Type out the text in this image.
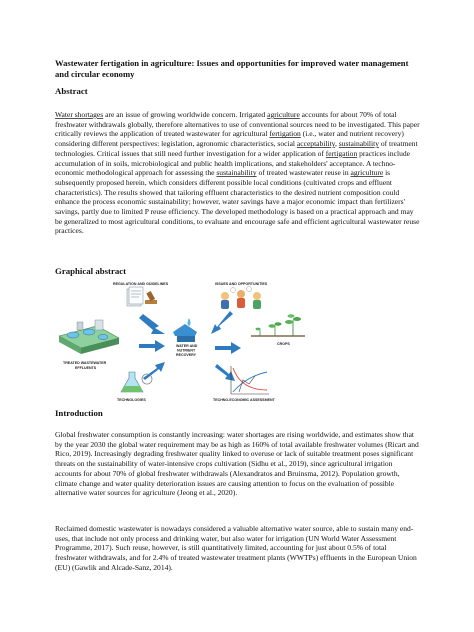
Wastewater fertigation in agriculture: Issues and opportunities for improved water management and circular economy

Abstract

Water shortages are an issue of growing worldwide concern. Irrigated agriculture accounts for about 70% of total freshwater withdrawals globally, therefore alternatives to use of conventional sources need to be investigated. This paper critically reviews the application of treated wastewater for agricultural fertigation (i.e., water and nutrient recovery) considering different perspectives: legislation, agronomic characteristics, social acceptability, sustainability of treatment technologies. Critical issues that still need further investigation for a wider application of fertigation practices include accumulation of in soils, microbiological and public health implications, and stakeholders' acceptance. A techno-economic methodological approach for assessing the sustainability of treated wastewater reuse in agriculture is subsequently proposed herein, which considers different possible local conditions (cultivated crops and effluent characteristics). The results showed that tailoring effluent characteristics to the desired nutrient composition could enhance the process economic sustainability; however, water savings have a major economic impact than fertilizers' savings, partly due to limited P reuse efficiency. The developed methodology is based on a practical approach and may be generalized to most agricultural conditions, to evaluate and encourage safe and efficient agricultural wastewater reuse practices.

Graphical abstract
TREATED WASTEWATER
EFFLUENTS
REGULATION AND GUIDELINES	ISSUES AND OPPORTUNITIES
WATER AND
NUTRIENT
RECOVERY
CROPS
TECHNOLOGIES	TECHNO-ECONOMIC ASSESSMENT
Introduction

Global freshwater consumption is constantly increasing: water shortages are rising worldwide, and estimates show that by the year 2030 the global water requirement may be as high as 160% of total available freshwater volumes (Ricart and Rico, 2019). Increasingly degrading freshwater quality linked to overuse or lack of suitable treatment poses significant threats on the sustainability of water-intensive crops cultivation (Sidhu et al., 2019), since agricultural irrigation accounts for about 70% of global freshwater withdrawals (Alexandratos and Bruinsma, 2012). Population growth, climate change and water quality deterioration issues are causing attention to focus on the evaluation of possible alternative water sources for agriculture (Jeong et al., 2020).

Reclaimed domestic wastewater is nowadays considered a valuable alternative water source, able to sustain many end-uses, that include not only process and drinking water, but also water for irrigation (UN World Water Assessment Programme, 2017). Such reuse, however, is still quantitatively limited, accounting for just about 0.5% of total freshwater withdrawals, and for 2.4% of treated wastewater treatment plants (WWTPs) effluents in the European Union (EU) (Gawlik and Alcade-Sanz, 2014).
